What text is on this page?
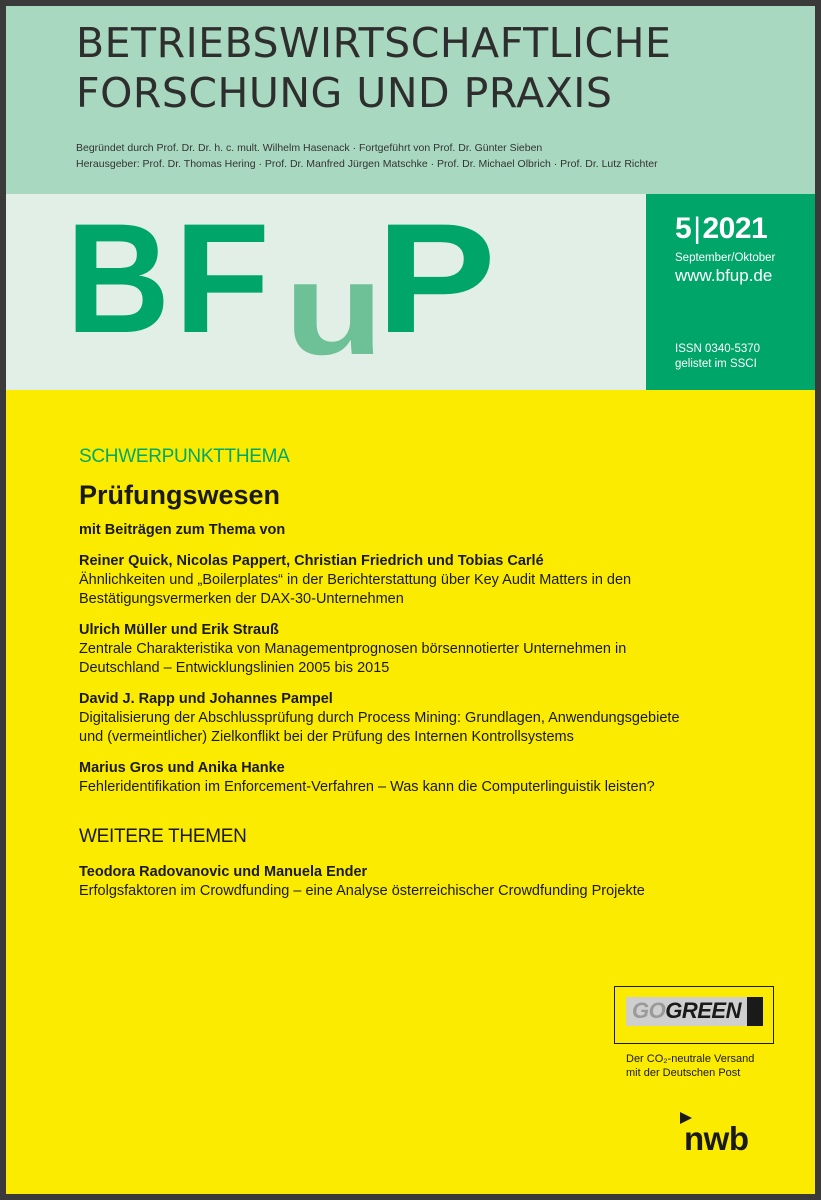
BETRIEBSWIRTSCHAFTLICHE
FORSCHUNG UND PRAXIS
Begründet durch Prof. Dr. Dr. h. c. mult. Wilhelm Hasenack · Fortgeführt von Prof. Dr. Günter Sieben
Herausgeber: Prof. Dr. Thomas Hering · Prof. Dr. Manfred Jürgen Matschke · Prof. Dr. Michael Olbrich · Prof. Dr. Lutz Richter
B F u
P	5|2021
September/Oktober
www.bfup.de
ISSN 0340-5370
gelistet im SSCI
SCHWERPUNKTTHEMA
Prüfungswesen
mit Beiträgen zum Thema von
Reiner Quick, Nicolas Pappert, Christian Friedrich und Tobias Carlé
Ähnlichkeiten und „Boilerplates“ in der Berichterstattung über Key Audit Matters in den
Bestätigungsvermerken der DAX-30-Unternehmen
Ulrich Müller und Erik Strauß
Zentrale Charakteristika von Managementprognosen börsennotierter Unternehmen in
Deutschland – Entwicklungslinien 2005 bis 2015
David J. Rapp und Johannes Pampel
Digitalisierung der Abschlussprüfung durch Process Mining: Grundlagen, Anwendungsgebiete
und (vermeintlicher) Zielkonflikt bei der Prüfung des Internen Kontrollsystems
Marius Gros und Anika Hanke
Fehleridentifikation im Enforcement-Verfahren – Was kann die Computerlinguistik leisten?
WEITERE THEMEN
Teodora Radovanovic und Manuela Ender
Erfolgsfaktoren im Crowdfunding – eine Analyse österreichischer Crowdfunding Projekte
GOGREEN
Der CO₂-neutrale Versand
mit der Deutschen Post
nwb
